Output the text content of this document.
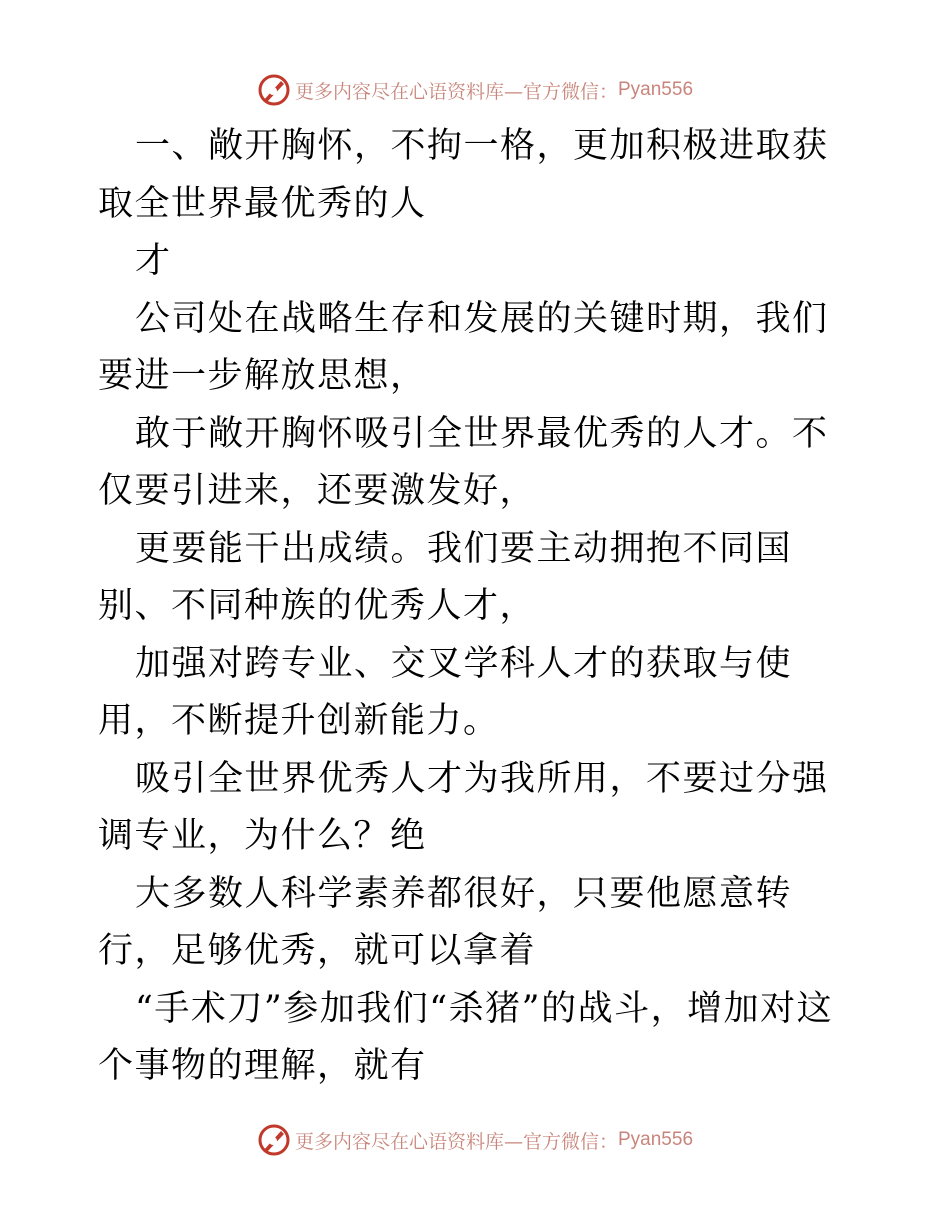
更多内容尽在心语资料库—官方微信： Pyan556

一、敞开胸怀，不拘一格，更加积极进取获取全世界最优秀的人

才

公司处在战略生存和发展的关键时期，我们要进一步解放思想，

敢于敞开胸怀吸引全世界最优秀的人才。不仅要引进来，还要激发好，

更要能干出成绩。我们要主动拥抱不同国别、不同种族的优秀人才，

加强对跨专业、交叉学科人才的获取与使用，不断提升创新能力。

吸引全世界优秀人才为我所用，不要过分强调专业，为什么？绝

大多数人科学素养都很好，只要他愿意转行，足够优秀，就可以拿着

“手术刀”参加我们“杀猪”的战斗，增加对这个事物的理解，就有

更多内容尽在心语资料库—官方微信： Pyan556
